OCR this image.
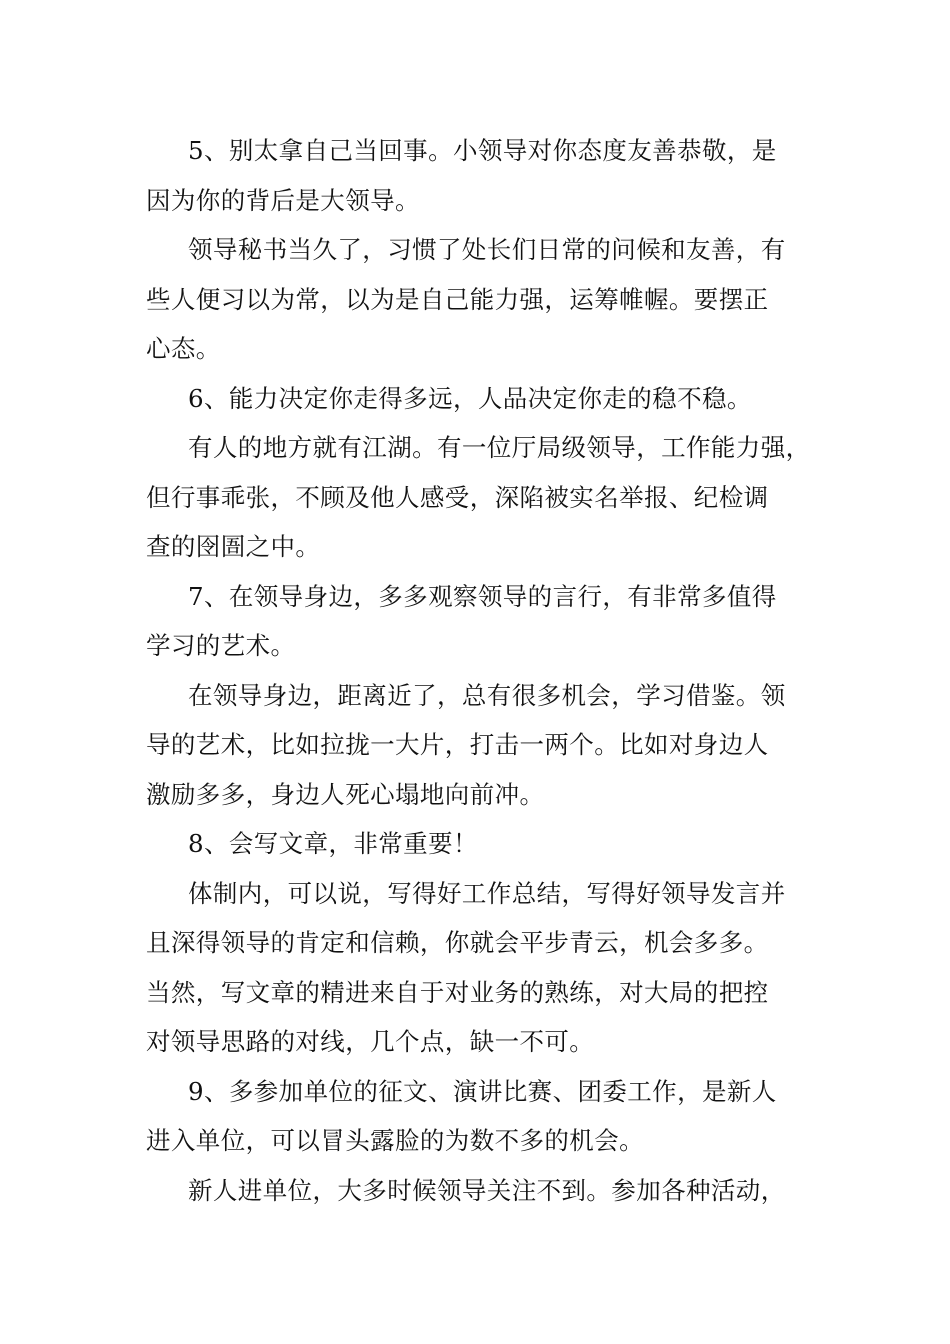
5、别太拿自己当回事。小领导对你态度友善恭敬，是
因为你的背后是大领导。

领导秘书当久了，习惯了处长们日常的问候和友善，有
些人便习以为常，以为是自己能力强，运筹帷幄。要摆正
心态。

6、能力决定你走得多远，人品决定你走的稳不稳。

有人的地方就有江湖。有一位厅局级领导，工作能力强，
但行事乖张，不顾及他人感受，深陷被实名举报、纪检调
查的囹圄之中。

7、在领导身边，多多观察领导的言行，有非常多值得
学习的艺术。

在领导身边，距离近了，总有很多机会，学习借鉴。领
导的艺术，比如拉拢一大片，打击一两个。比如对身边人
激励多多，身边人死心塌地向前冲。

8、会写文章，非常重要！

体制内，可以说，写得好工作总结，写得好领导发言并
且深得领导的肯定和信赖，你就会平步青云，机会多多。
当然，写文章的精进来自于对业务的熟练，对大局的把控
对领导思路的对线，几个点，缺一不可。

9、多参加单位的征文、演讲比赛、团委工作，是新人
进入单位，可以冒头露脸的为数不多的机会。

新人进单位，大多时候领导关注不到。参加各种活动，
